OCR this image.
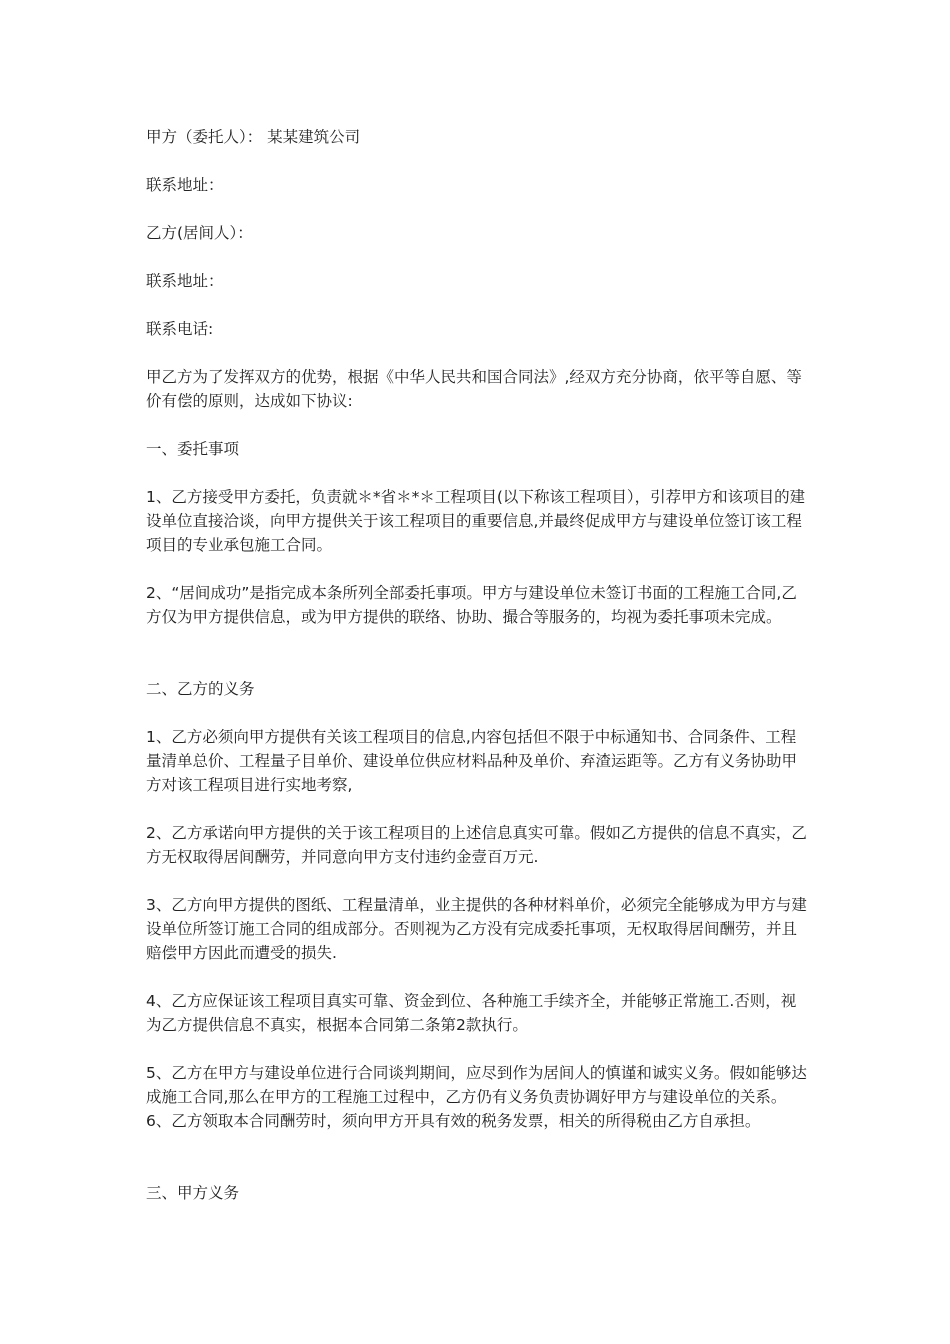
甲方（委托人）： 某某建筑公司

联系地址：

乙方(居间人）：

联系地址：

联系电话:

甲乙方为了发挥双方的优势，根据《中华人民共和国合同法》,经双方充分协商，依平等自愿、等价有偿的原则，达成如下协议:

一、委托事项

1、乙方接受甲方委托，负责就＊*省＊*＊工程项目(以下称该工程项目），引荐甲方和该项目的建设单位直接洽谈，向甲方提供关于该工程项目的重要信息,并最终促成甲方与建设单位签订该工程项目的专业承包施工合同。

2、“居间成功”是指完成本条所列全部委托事项。甲方与建设单位未签订书面的工程施工合同,乙方仅为甲方提供信息，或为甲方提供的联络、协助、撮合等服务的，均视为委托事项未完成。

二、乙方的义务

1、乙方必须向甲方提供有关该工程项目的信息,内容包括但不限于中标通知书、合同条件、工程量清单总价、工程量子目单价、建设单位供应材料品种及单价、弃渣运距等。乙方有义务协助甲方对该工程项目进行实地考察,

2、乙方承诺向甲方提供的关于该工程项目的上述信息真实可靠。假如乙方提供的信息不真实，乙方无权取得居间酬劳，并同意向甲方支付违约金壹百万元.

3、乙方向甲方提供的图纸、工程量清单，业主提供的各种材料单价，必须完全能够成为甲方与建设单位所签订施工合同的组成部分。否则视为乙方没有完成委托事项，无权取得居间酬劳，并且赔偿甲方因此而遭受的损失.

4、乙方应保证该工程项目真实可靠、资金到位、各种施工手续齐全，并能够正常施工.否则，视为乙方提供信息不真实，根据本合同第二条第2款执行。

5、乙方在甲方与建设单位进行合同谈判期间，应尽到作为居间人的慎谨和诚实义务。假如能够达成施工合同,那么在甲方的工程施工过程中，乙方仍有义务负责协调好甲方与建设单位的关系。 6、乙方领取本合同酬劳时，须向甲方开具有效的税务发票，相关的所得税由乙方自承担。

三、甲方义务
